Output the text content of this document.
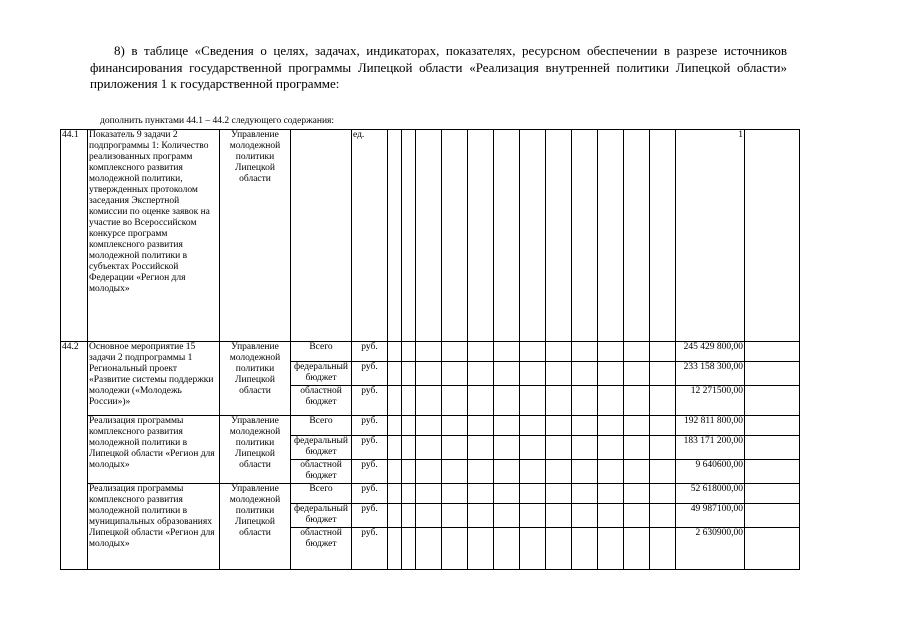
8) в таблице «Сведения о целях, задачах, индикаторах, показателях, ресурсном обеспечении в разрезе источников финансирования государственной программы Липецкой области «Реализация внутренней политики Липецкой области» приложения 1 к государственной программе:

дополнить пунктами 44.1 – 44.2 следующего содержания:
44.1	Показатель 9 задачи 2 подпрограммы 1: Количество реализованных программ комплексного развития молодежной политики, утвержденных протоколом заседания Экспертной комиссии по оценке заявок на участие во Всероссийском конкурсе программ комплексного развития молодежной политики в субъектах Российской Федерации «Регион для молодых»	Управление молодежной политики Липецкой области		ед.													1	
44.2	Основное мероприятие 15 задачи 2 подпрограммы 1 Региональный проект «Развитие системы поддержки молодежи («Молодежь России»)»	Управление молодежной политики Липецкой области	Всего	руб.													245 429 800,00	
			федеральный бюджет	руб.													233 158 300,00	
			областной бюджет	руб.													12 271500,00	
	Реализация программы комплексного развития молодежной политики в Липецкой области «Регион для молодых»	Управление молодежной политики Липецкой области	Всего	руб.													192 811 800,00	
			федеральный бюджет	руб.													183 171 200,00	
			областной бюджет	руб.													9 640600,00	
	Реализация программы комплексного развития молодежной политики в муниципальных образованиях Липецкой области «Регион для молодых»	Управление молодежной политики Липецкой области	Всего	руб.													52 618000,00	
			федеральный бюджет	руб.													49 987100,00	
			областной бюджет	руб.													2 630900,00	
